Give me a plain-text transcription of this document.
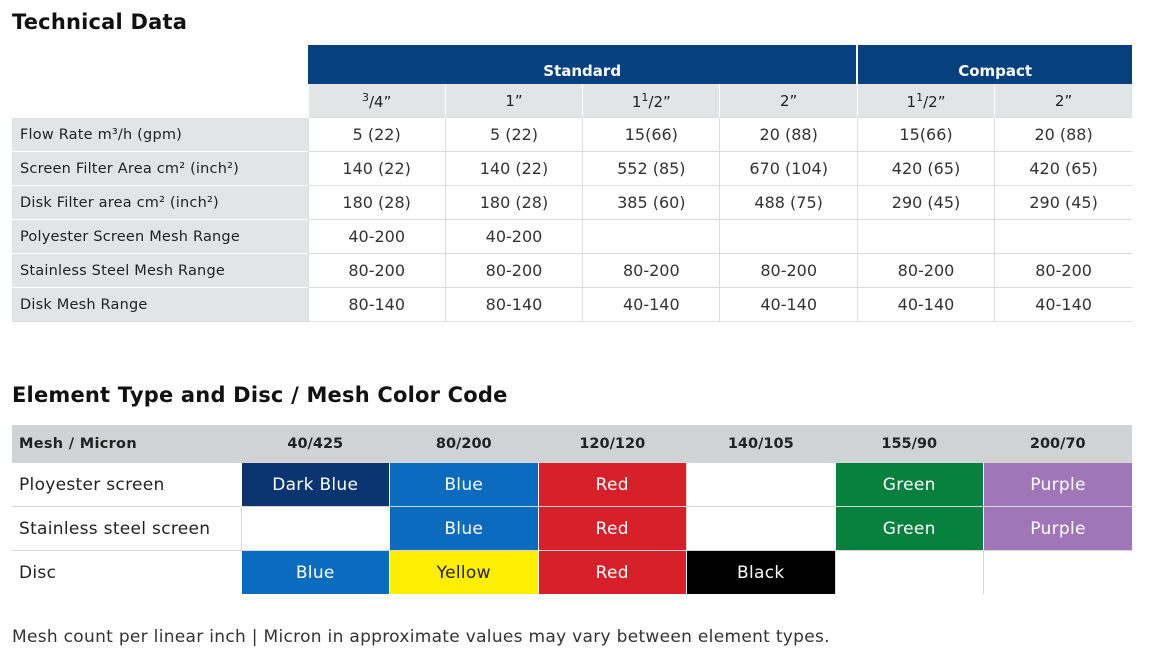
Technical Data
	Standard				Compact	
	$^3$/4”	1”	$1^1/2$”	2”	$1^1/2$”	2”
Flow Rate m³/h (gpm)	5 (22)	5 (22)	15(66)	20 (88)	15(66)	20 (88)
Screen Filter Area cm² (inch²)	140 (22)	140 (22)	552 (85)	670 (104)	420 (65)	420 (65)
Disk Filter area cm² (inch²)	180 (28)	180 (28)	385 (60)	488 (75)	290 (45)	290 (45)
Polyester Screen Mesh Range	40-200	40-200				
Stainless Steel Mesh Range	80-200	80-200	80-200	80-200	80-200	80-200
Disk Mesh Range	80-140	80-140	40-140	40-140	40-140	40-140
Element Type and Disc / Mesh Color Code
Mesh / Micron	40/425	80/200	120/120	140/105	155/90	200/70
Ployester screen	Dark Blue	Blue	Red		Green	Purple
Stainless steel screen		Blue	Red		Green	Purple
Disc	Blue	Yellow	Red	Black		
Mesh count per linear inch | Micron in approximate values may vary between element types.
